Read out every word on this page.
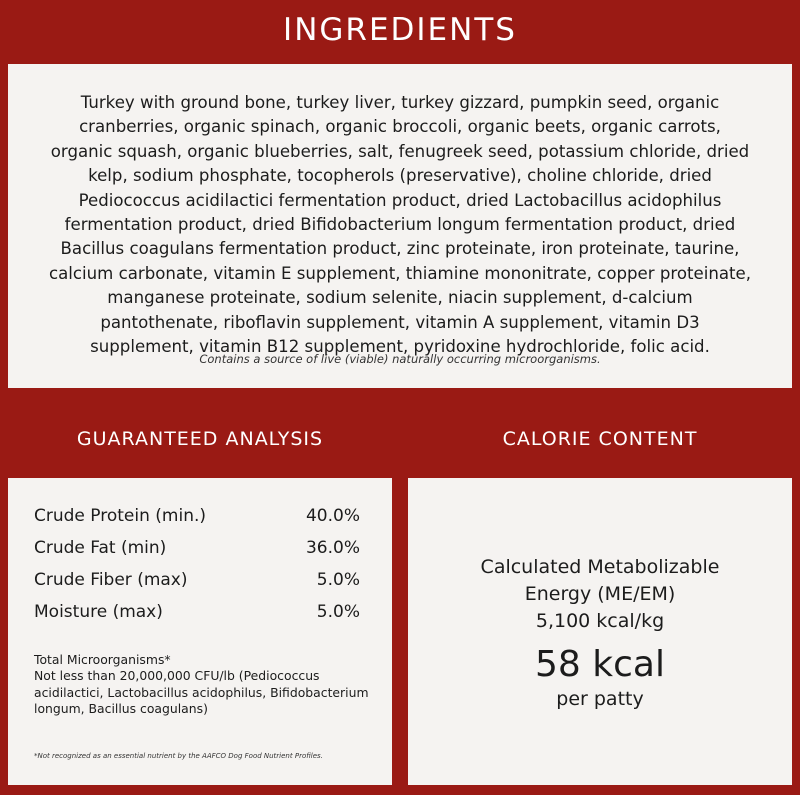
INGREDIENTS

Turkey with ground bone, turkey liver, turkey gizzard, pumpkin seed, organic cranberries, organic spinach, organic broccoli, organic beets, organic carrots, organic squash, organic blueberries, salt, fenugreek seed, potassium chloride, dried kelp, sodium phosphate, tocopherols (preservative), choline chloride, dried Pediococcus acidilactici fermentation product, dried Lactobacillus acidophilus fermentation product, dried Bifidobacterium longum fermentation product, dried Bacillus coagulans fermentation product, zinc proteinate, iron proteinate, taurine, calcium carbonate, vitamin E supplement, thiamine mononitrate, copper proteinate, manganese proteinate, sodium selenite, niacin supplement, d-calcium pantothenate, riboflavin supplement, vitamin A supplement, vitamin D3 supplement, vitamin B12 supplement, pyridoxine hydrochloride, folic acid.

Contains a source of live (viable) naturally occurring microorganisms.
GUARANTEED ANALYSIS	CALORIE CONTENT
Crude Protein (min.)	40.0%
Crude Fat (min)	36.0%
Crude Fiber (max)	5.0%
Moisture (max)	5.0%
Total Microorganisms*
Not less than 20,000,000 CFU/lb (Pediococcus acidilactici, Lactobacillus acidophilus, Bifidobacterium longum, Bacillus coagulans)
*Not recognized as an essential nutrient by the AAFCO Dog Food Nutrient Profiles.
Calculated Metabolizable
Energy (ME/EM)
5,100 kcal/kg
58 kcal
per patty
